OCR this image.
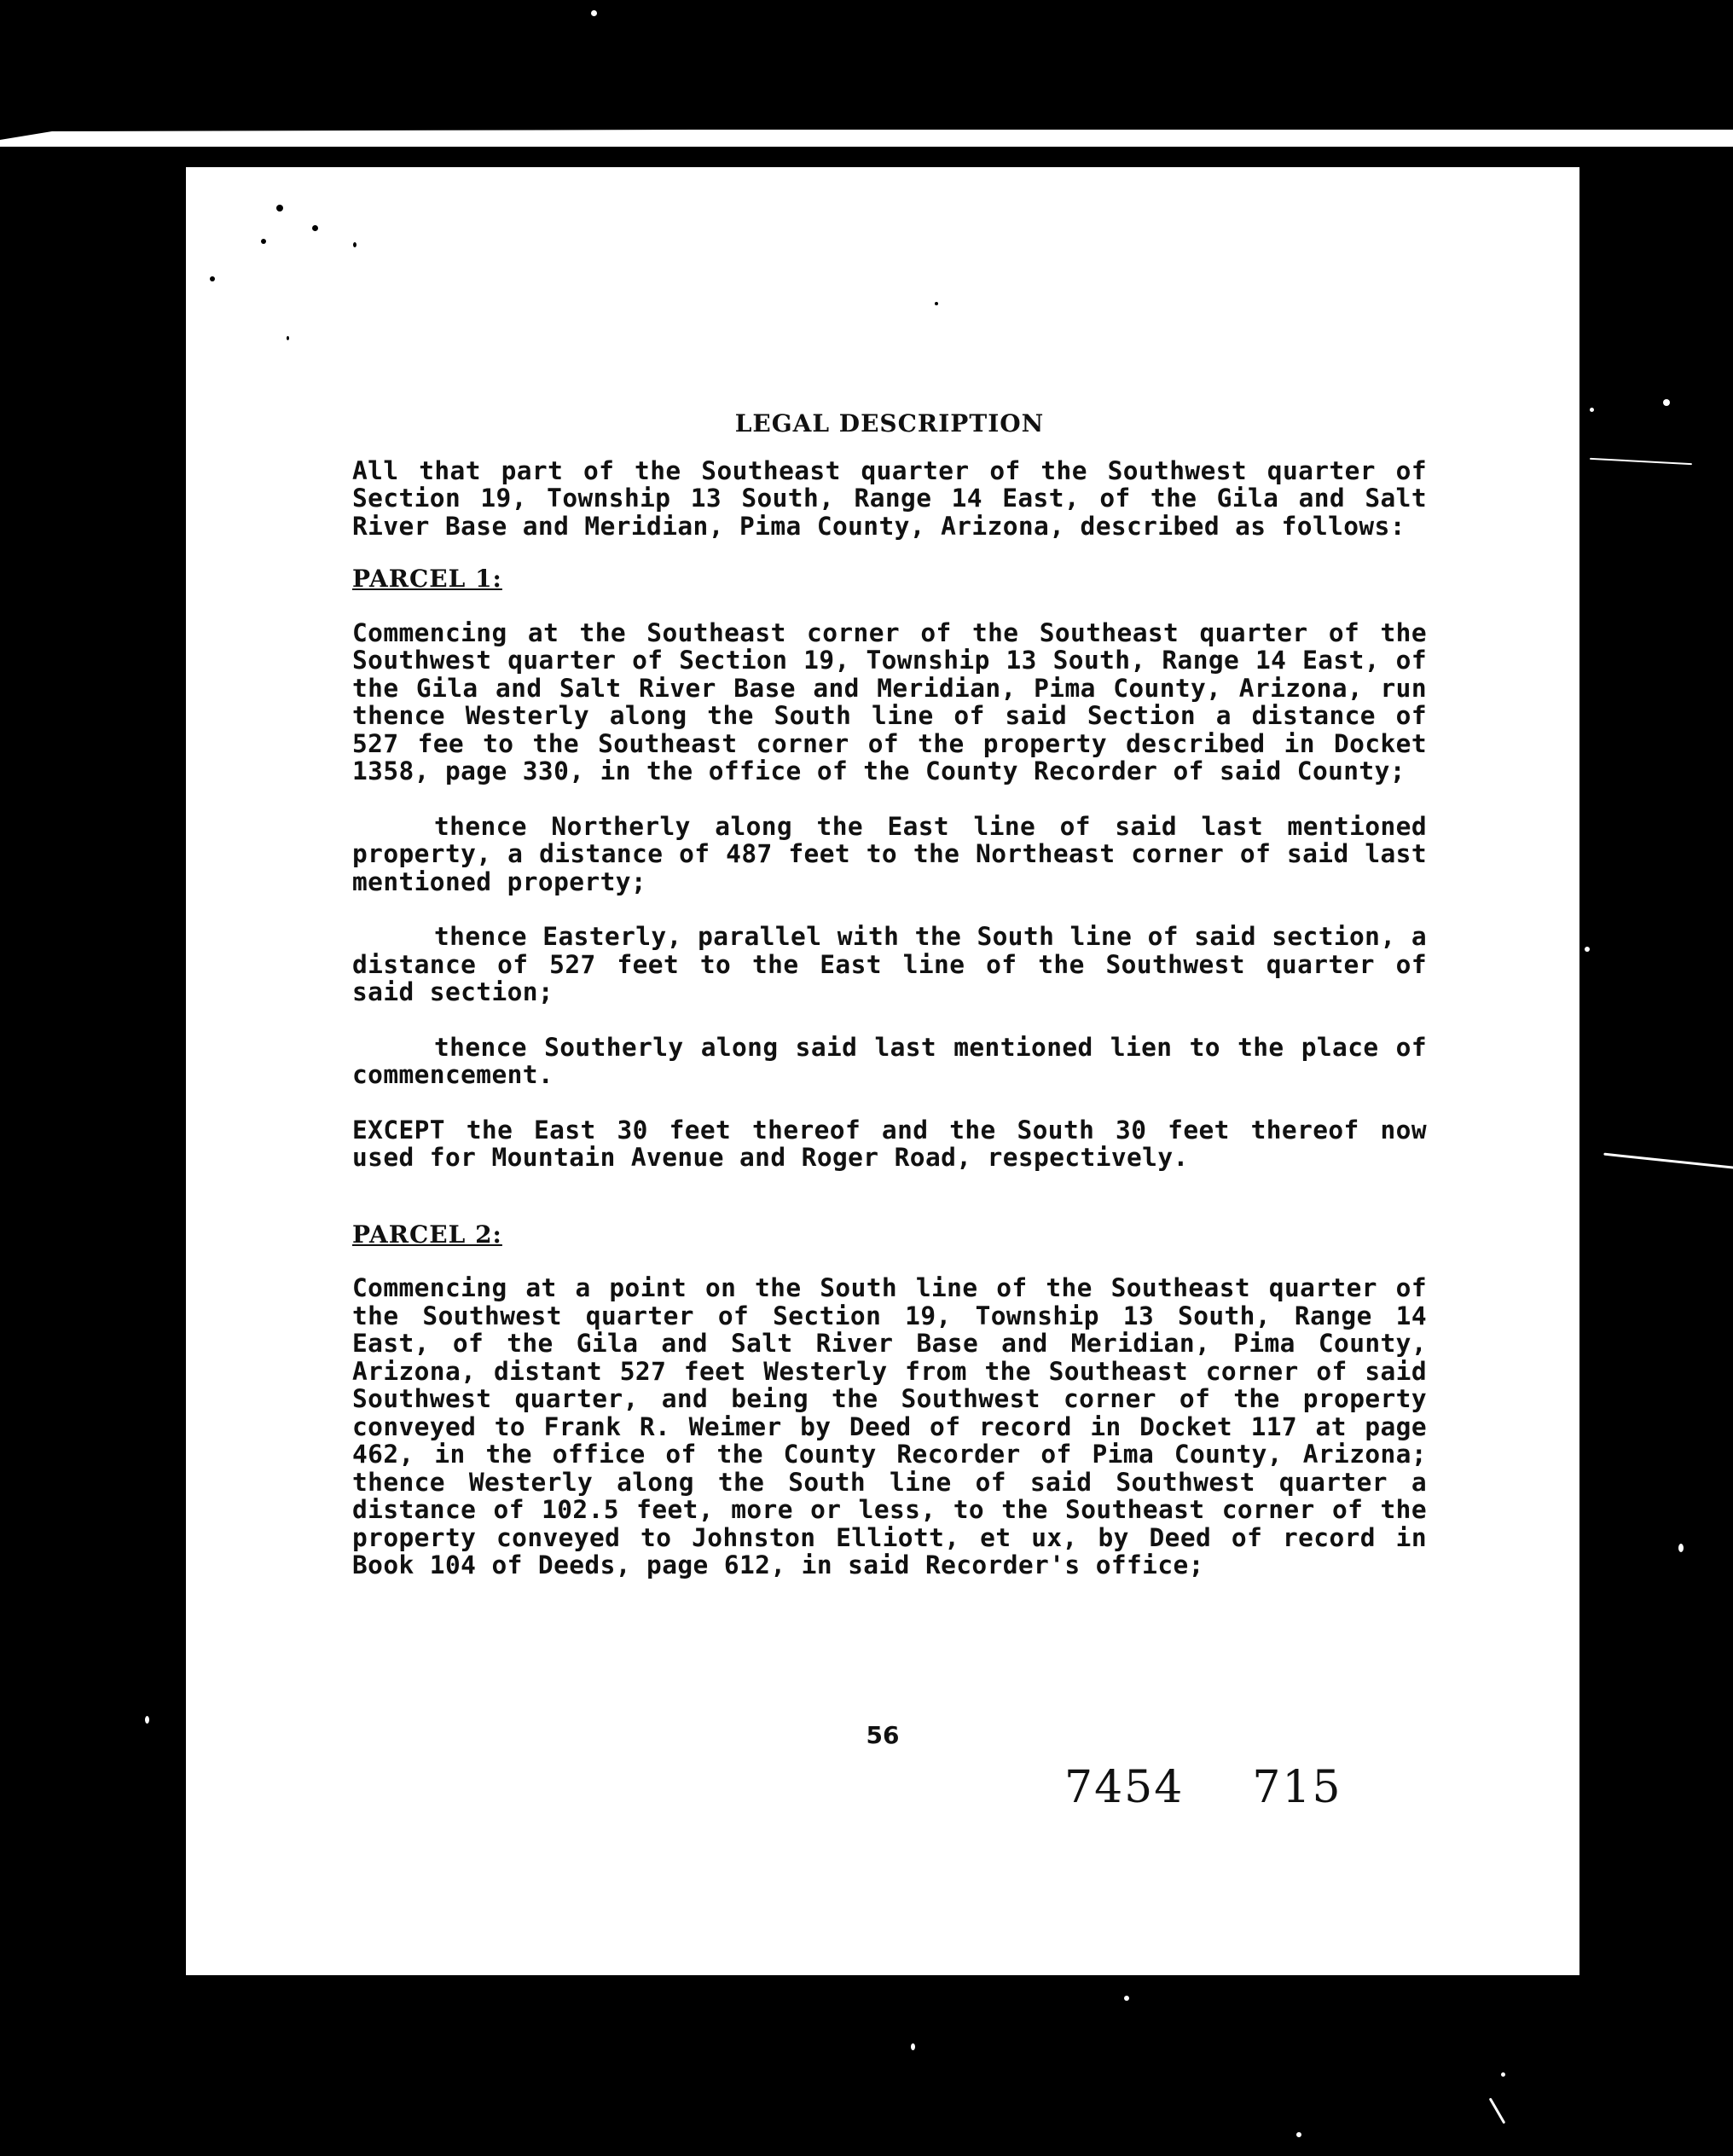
LEGAL DESCRIPTION

All that part of the Southeast quarter of the Southwest quarter of Section 19, Township 13 South, Range 14 East, of the Gila and Salt River Base and Meridian, Pima County, Arizona, described as follows:

PARCEL 1:

Commencing at the Southeast corner of the Southeast quarter of the Southwest quarter of Section 19, Township 13 South, Range 14 East, of the Gila and Salt River Base and Meridian, Pima County, Arizona, run thence Westerly along the South line of said Section a distance of 527 fee to the Southeast corner of the property described in Docket 1358, page 330, in the office of the County Recorder of said County;

thence Northerly along the East line of said last mentioned property, a distance of 487 feet to the Northeast corner of said last mentioned property;

thence Easterly, parallel with the South line of said section, a distance of 527 feet to the East line of the Southwest quarter of said section;

thence Southerly along said last mentioned lien to the place of commencement.

EXCEPT the East 30 feet thereof and the South 30 feet thereof now used for Mountain Avenue and Roger Road, respectively.

PARCEL 2:

Commencing at a point on the South line of the Southeast quarter of the Southwest quarter of Section 19, Township 13 South, Range 14 East, of the Gila and Salt River Base and Meridian, Pima County, Arizona, distant 527 feet Westerly from the Southeast corner of said Southwest quarter, and being the Southwest corner of the property conveyed to Frank R. Weimer by Deed of record in Docket 117 at page 462, in the office of the County Recorder of Pima County, Arizona; thence Westerly along the South line of said Southwest quarter a distance of 102.5 feet, more or less, to the Southeast corner of the property conveyed to Johnston Elliott, et ux, by Deed of record in Book 104 of Deeds, page 612, in said Recorder's office;

56
7454 715
